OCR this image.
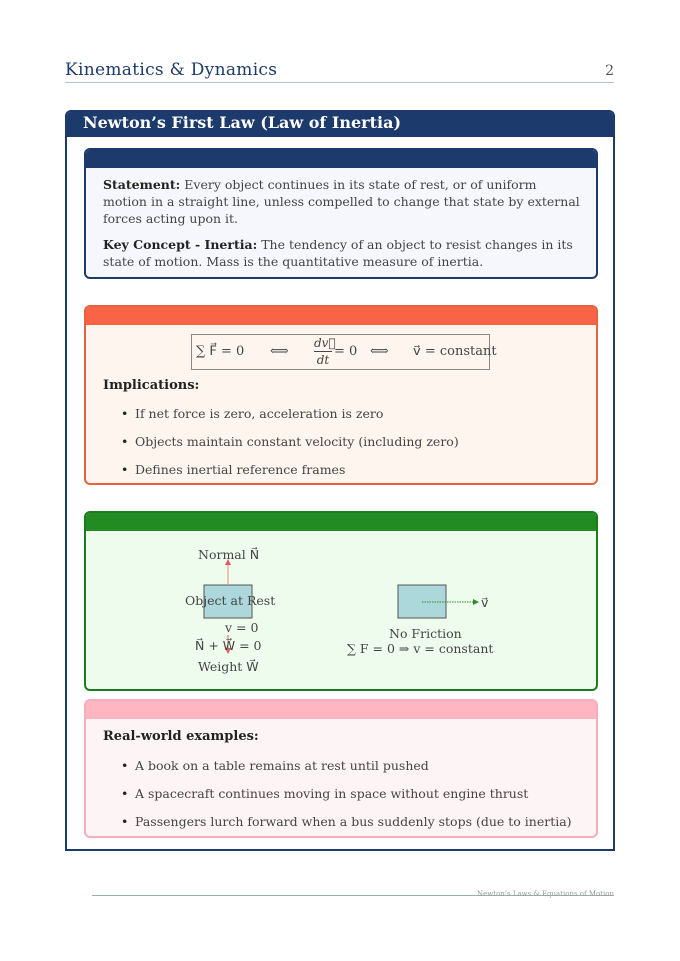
Kinematics & Dynamics	2
Newton’s First Law (Law of Inertia)

Statement: Every object continues in its state of rest, or of uniform motion in a straight line, unless compelled to change that state by external forces acting upon it.

Key Concept - Inertia: The tendency of an object to resist changes in its state of motion. Mass is the quantitative measure of inertia.

∑ F⃗ = 0 ⟺
dv⃗
dt
= 0 ⟺ v⃗ = constant
Implications:
• If net force is zero, acceleration is zero
• Objects maintain constant velocity (including zero)
• Defines inertial reference frames
Normal N⃗
Object at Rest
v = 0
N⃗ + W⃗ = 0
Weight W⃗
v⃗
No Friction
∑ F = 0 ⇒ v = constant
Real-world examples:
• A book on a table remains at rest until pushed
• A spacecraft continues moving in space without engine thrust
• Passengers lurch forward when a bus suddenly stops (due to inertia)
Newton’s Laws & Equations of Motion
